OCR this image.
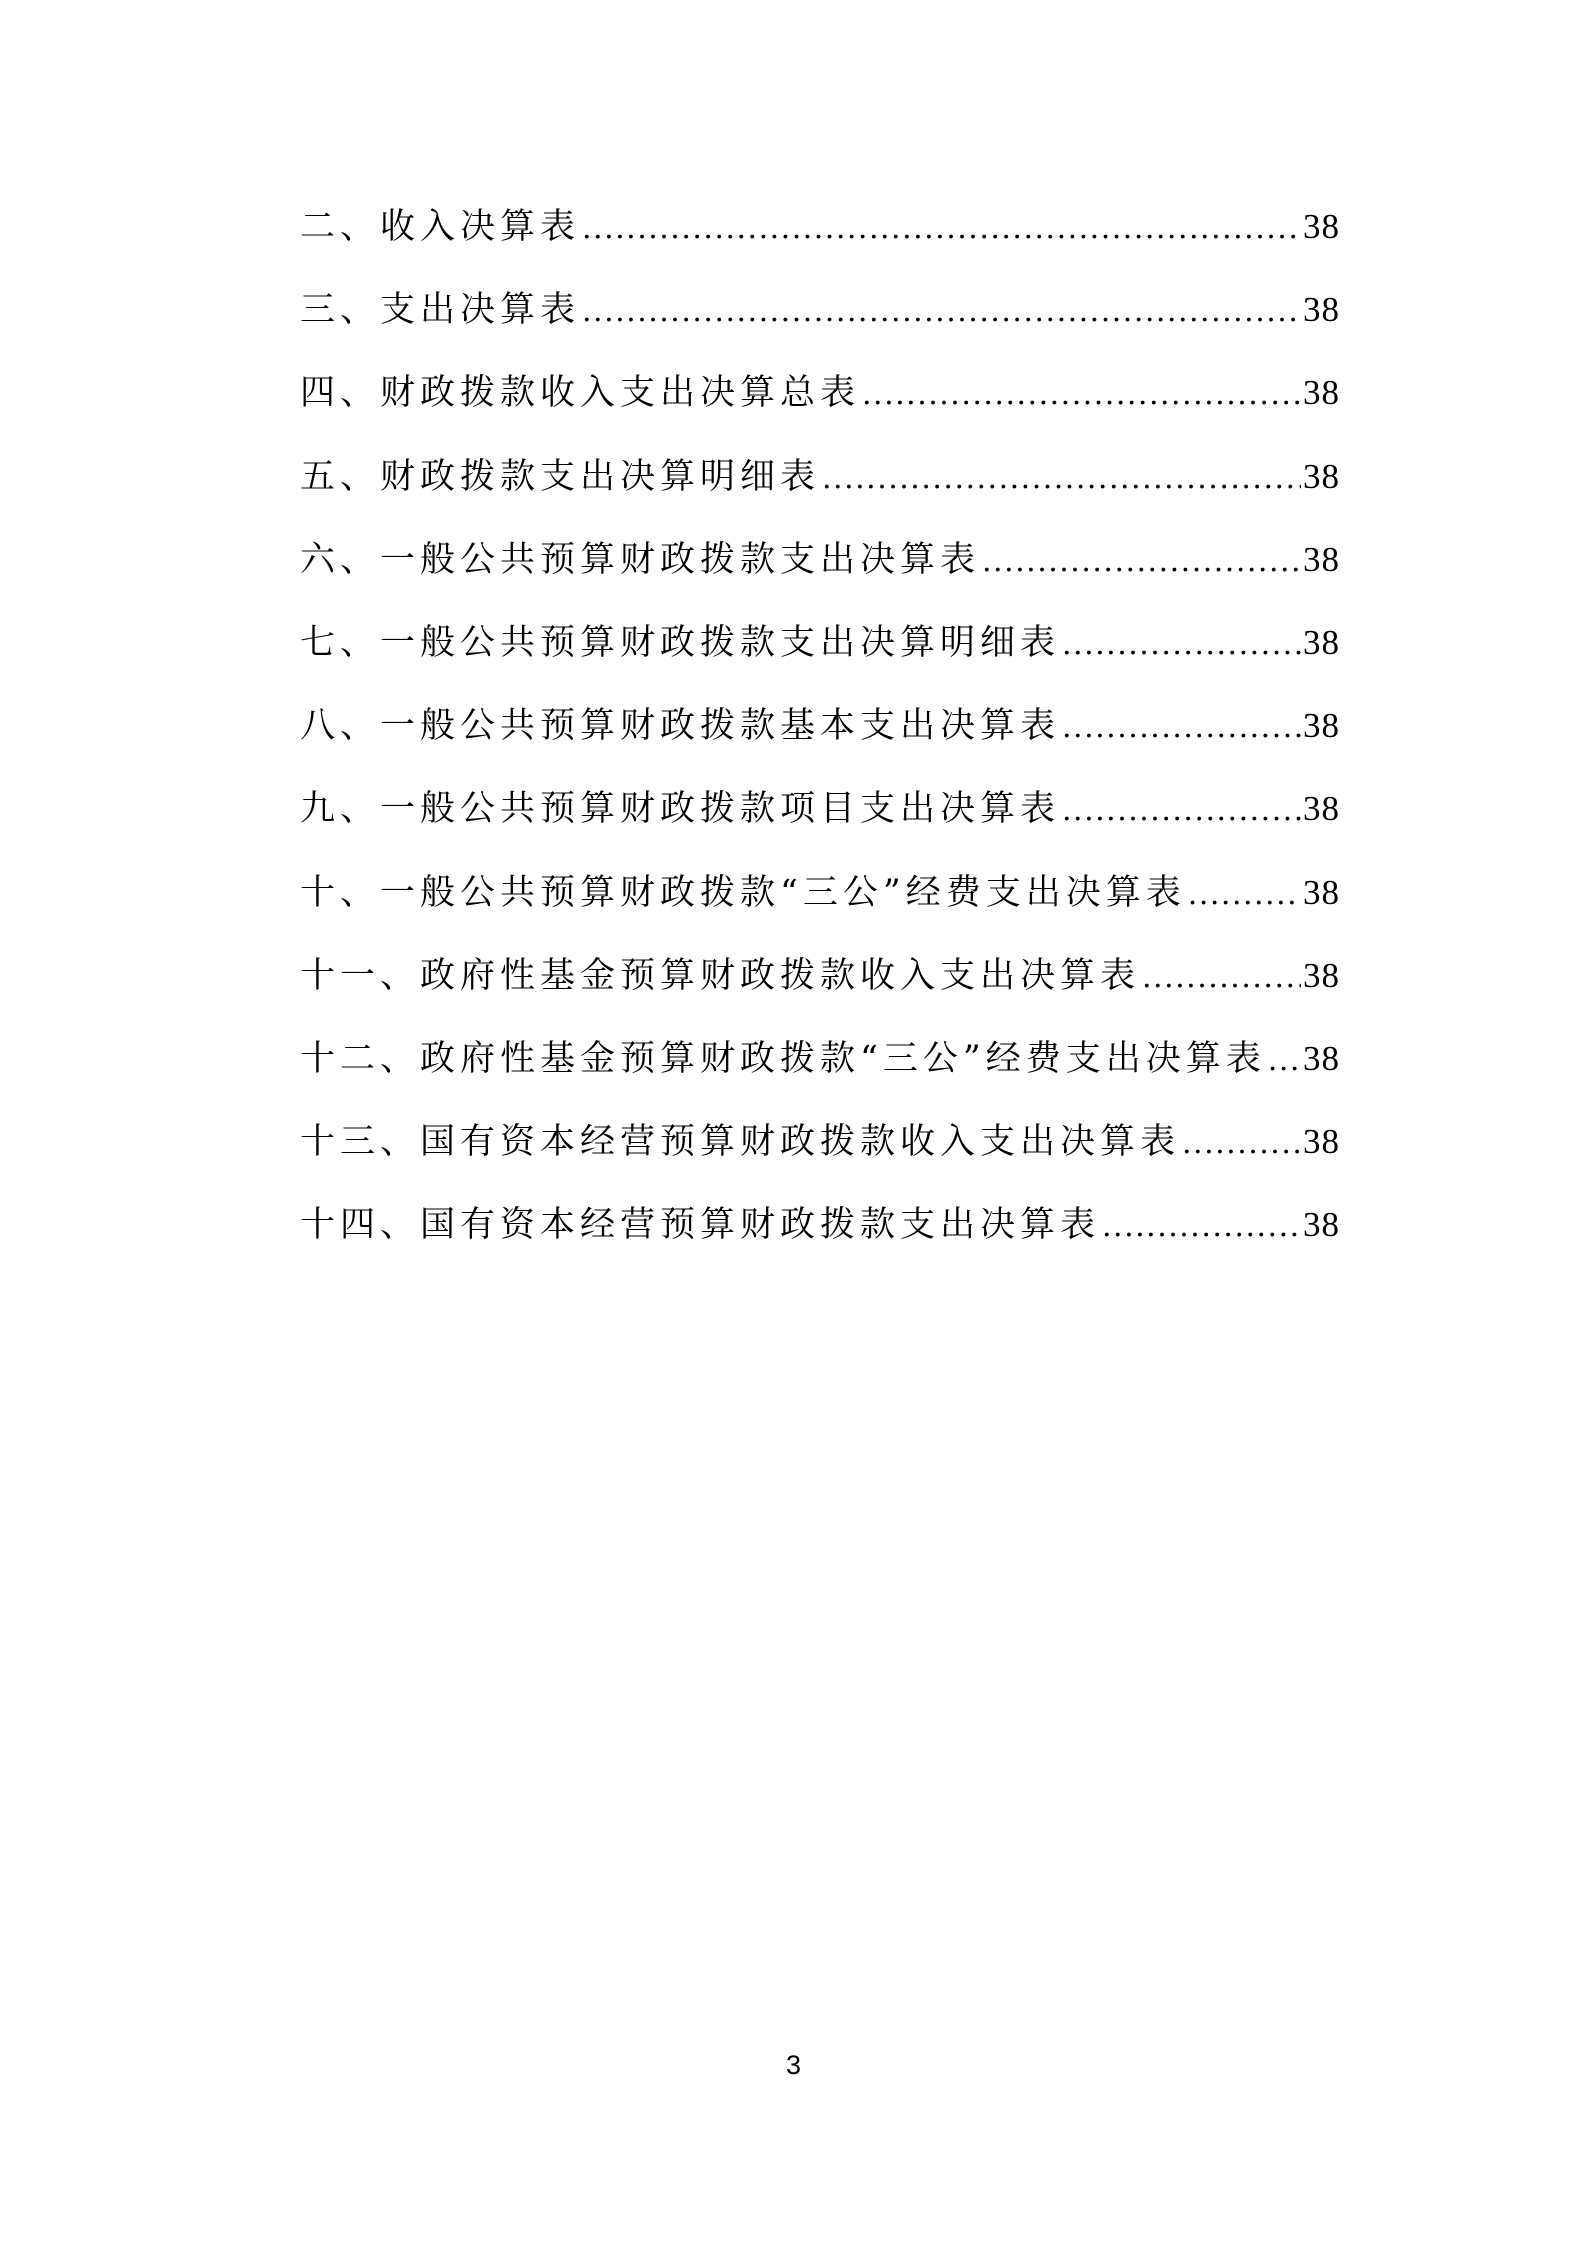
二、收入决算表 .....	38
三、支出决算表 .....	38
四、财政拨款收入支出决算总表 .....	38
五、财政拨款支出决算明细表 .....	38
六、一般公共预算财政拨款支出决算表 .....	38
七、一般公共预算财政拨款支出决算明细表 .....	38
八、一般公共预算财政拨款基本支出决算表 .....	38
九、一般公共预算财政拨款项目支出决算表 .....	38
十、一般公共预算财政拨款“三公”经费支出决算表 .....	38
十一、政府性基金预算财政拨款收入支出决算表 .....	38
十二、政府性基金预算财政拨款“三公”经费支出决算表 ..... 38
十三、国有资本经营预算财政拨款收入支出决算表 .....	38
十四、国有资本经营预算财政拨款支出决算表 .....	38
3
